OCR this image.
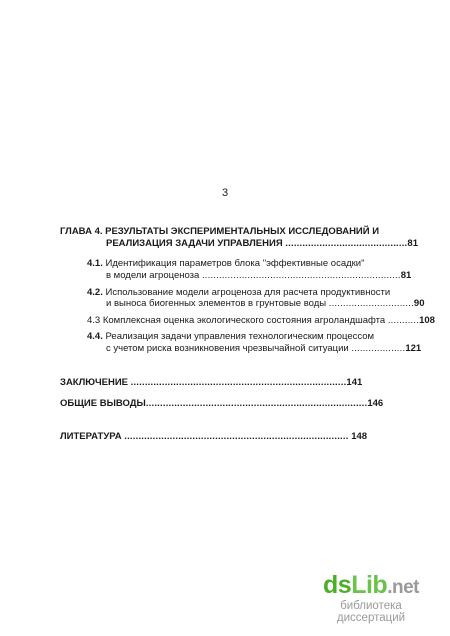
3
ГЛАВА 4. РЕЗУЛЬТАТЫ ЭКСПЕРИМЕНТАЛЬНЫХ ИССЛЕДОВАНИЙ И
РЕАЛИЗАЦИЯ ЗАДАЧИ УПРАВЛЕНИЯ ...........................................81
4.1. Идентификация параметров блока "эффективные осадки"
в модели агроценоза ......................................................................81
4.2. Использование модели агроценоза для расчета продуктивности
и выноса биогенных элементов в грунтовые воды ..............................90
4.3 Комплексная оценка экологического состояния агроландшафта ...........108
4.4. Реализация задачи управления технологическим процессом
с учетом риска возникновения чрезвычайной ситуации ...................121
ЗАКЛЮЧЕНИЕ ............................................................................141
ОБЩИЕ ВЫВОДЫ..............................................................................146
ЛИТЕРАТУРА ............................................................................... 148
dsLib.net
библиотека диссертаций
